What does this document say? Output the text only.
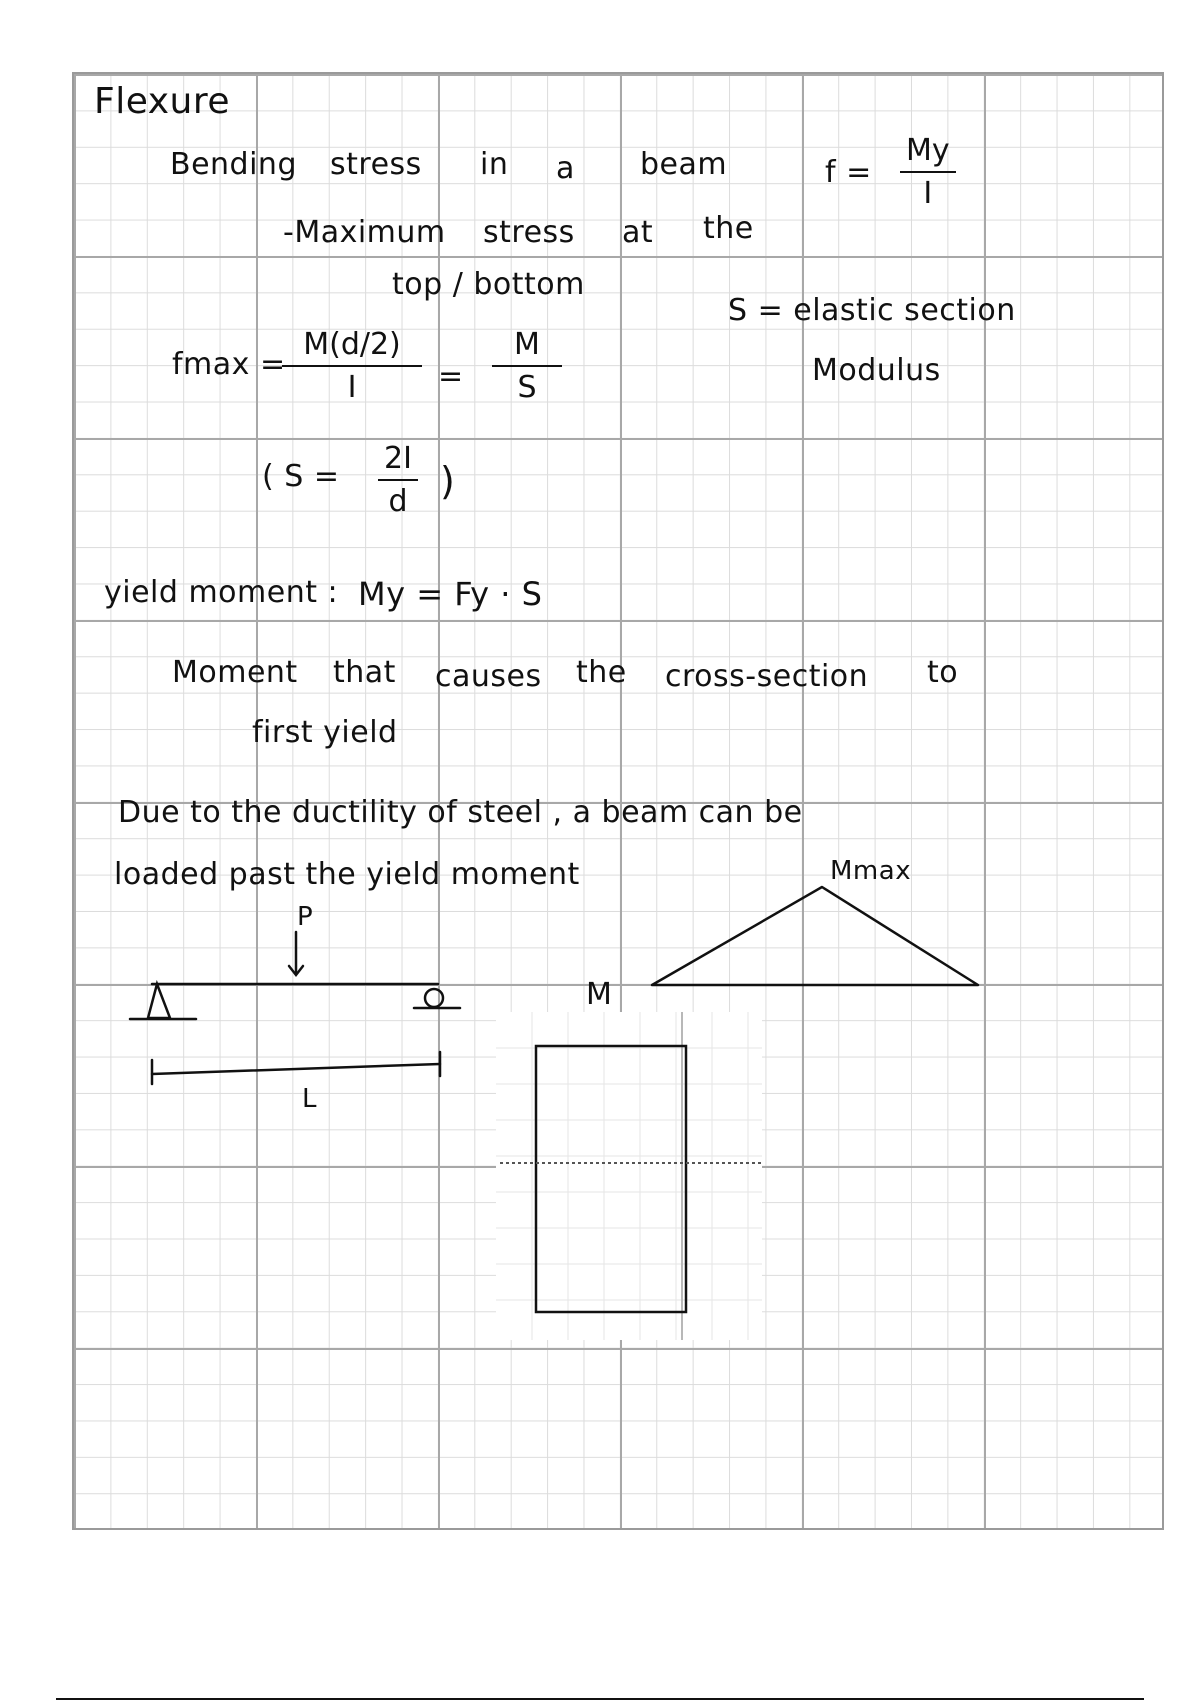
Flexure
Bending stress in a beam	f =
My
I
-Maximum stress at the
top / bottom
fmax =
M(d/2)
I	=
M
S
S = elastic section
Modulus
( S =
2I
d )
yield moment : My = Fy · S
Moment that causes the cross-section to
first yield
Due to the ductility of steel , a beam can be
loaded past the yield moment
P
L
M
Mmax
